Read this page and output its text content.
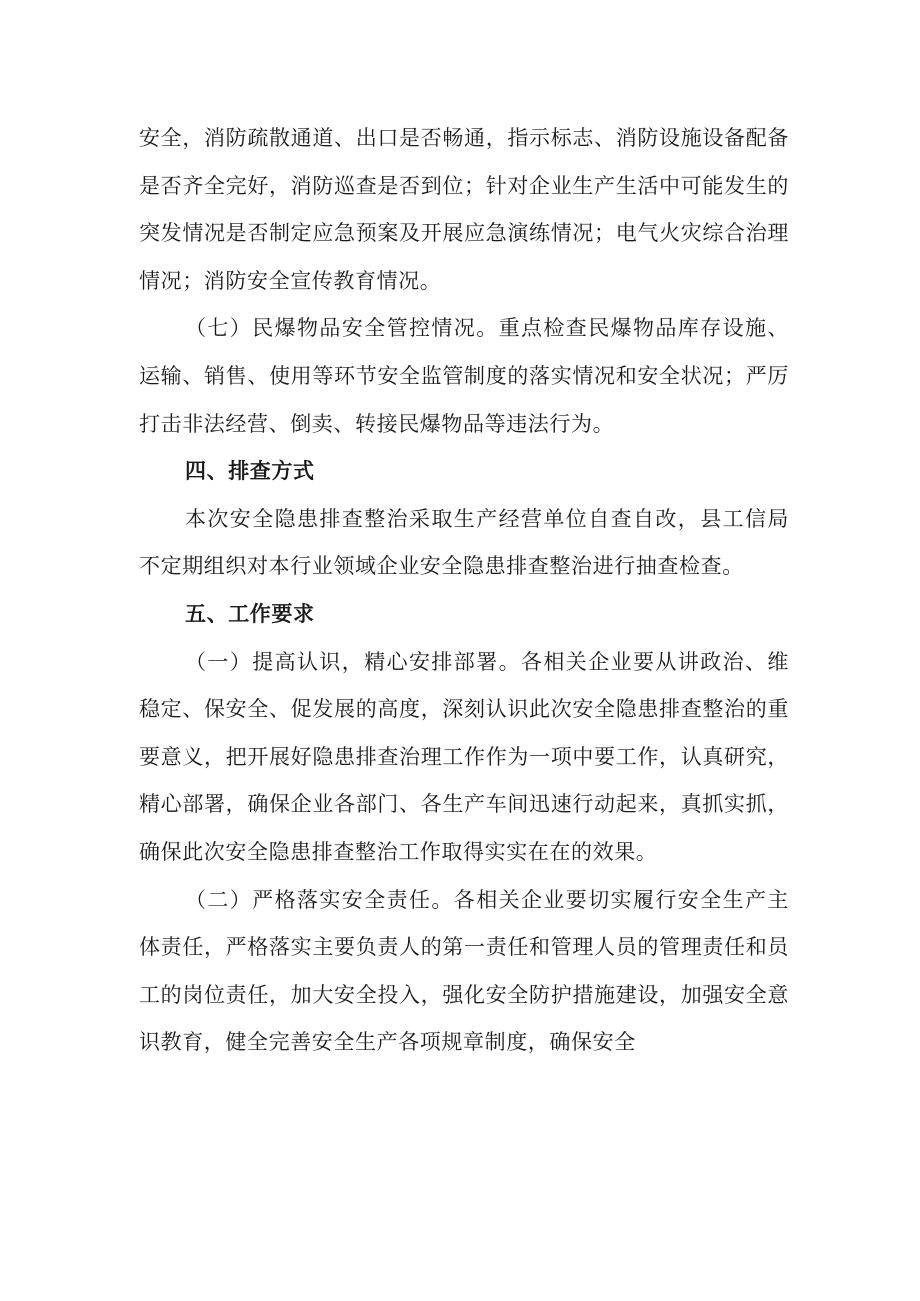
安全，消防疏散通道、出口是否畅通，指示标志、消防设施设备配备是否齐全完好，消防巡查是否到位；针对企业生产生活中可能发生的突发情况是否制定应急预案及开展应急演练情况；电气火灾综合治理情况；消防安全宣传教育情况。

（七）民爆物品安全管控情况。重点检查民爆物品库存设施、运输、销售、使用等环节安全监管制度的落实情况和安全状况；严厉打击非法经营、倒卖、转接民爆物品等违法行为。

四、排查方式

本次安全隐患排查整治采取生产经营单位自查自改，县工信局不定期组织对本行业领域企业安全隐患排查整治进行抽查检查。

五、工作要求

（一）提高认识，精心安排部署。各相关企业要从讲政治、维稳定、保安全、促发展的高度，深刻认识此次安全隐患排查整治的重要意义，把开展好隐患排查治理工作作为一项中要工作，认真研究，精心部署，确保企业各部门、各生产车间迅速行动起来，真抓实抓，确保此次安全隐患排查整治工作取得实实在在的效果。

（二）严格落实安全责任。各相关企业要切实履行安全生产主体责任，严格落实主要负责人的第一责任和管理人员的管理责任和员工的岗位责任，加大安全投入，强化安全防护措施建设，加强安全意识教育，健全完善安全生产各项规章制度，确保安全
